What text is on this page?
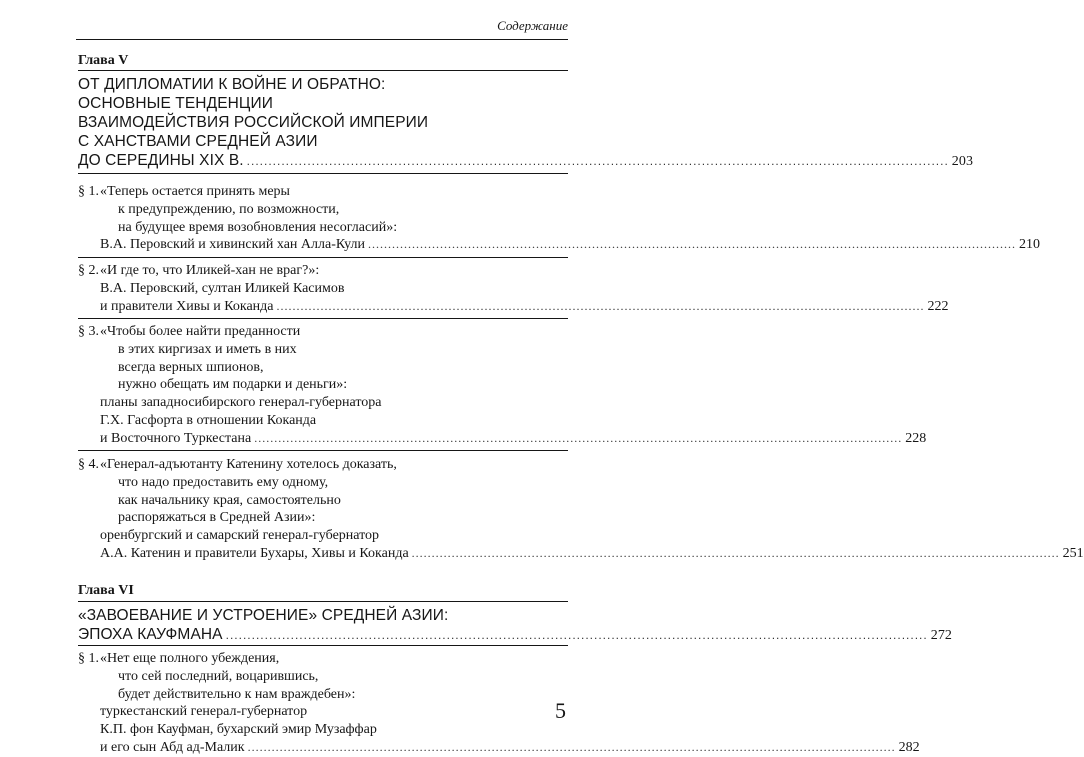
Содержание
Глава V
ОТ ДИПЛОМАТИИ К ВОЙНЕ И ОБРАТНО:
ОСНОВНЫЕ ТЕНДЕНЦИИ
ВЗАИМОДЕЙСТВИЯ РОССИЙСКОЙ ИМПЕРИИ
С ХАНСТВАМИ СРЕДНЕЙ АЗИИ
ДО СЕРЕДИНЫ XIX В. .................................................................................................................................................................. 203
§ 1. «Теперь остается принять меры
к предупреждению, по возможности,
на будущее время возобновления несогласий»:
В.А. Перовский и хивинский хан Алла-Кули .................................................................................................................................................................. 210
§ 2. «И где то, что Иликей-хан не враг?»:
В.А. Перовский, султан Иликей Касимов
и правители Хивы и Коканда .................................................................................................................................................................. 222
§ 3. «Чтобы более найти преданности
в этих киргизах и иметь в них
всегда верных шпионов,
нужно обещать им подарки и деньги»:
планы западносибирского генерал-губернатора
Г.Х. Гасфорта в отношении Коканда
и Восточного Туркестана .................................................................................................................................................................. 228
§ 4. «Генерал-адъютанту Катенину хотелось доказать,
что надо предоставить ему одному,
как начальнику края, самостоятельно
распоряжаться в Средней Азии»:
оренбургский и самарский генерал-губернатор
А.А. Катенин и правители Бухары, Хивы и Коканда .................................................................................................................................................................. 251
Глава VI
«ЗАВОЕВАНИЕ И УСТРОЕНИЕ» СРЕДНЕЙ АЗИИ:
ЭПОХА КАУФМАНА .................................................................................................................................................................. 272
§ 1. «Нет еще полного убеждения,
что сей последний, воцарившись,
будет действительно к нам враждебен»:
туркестанский генерал-губернатор
К.П. фон Кауфман, бухарский эмир Музаффар
и его сын Абд ад-Малик .................................................................................................................................................................. 282
5
